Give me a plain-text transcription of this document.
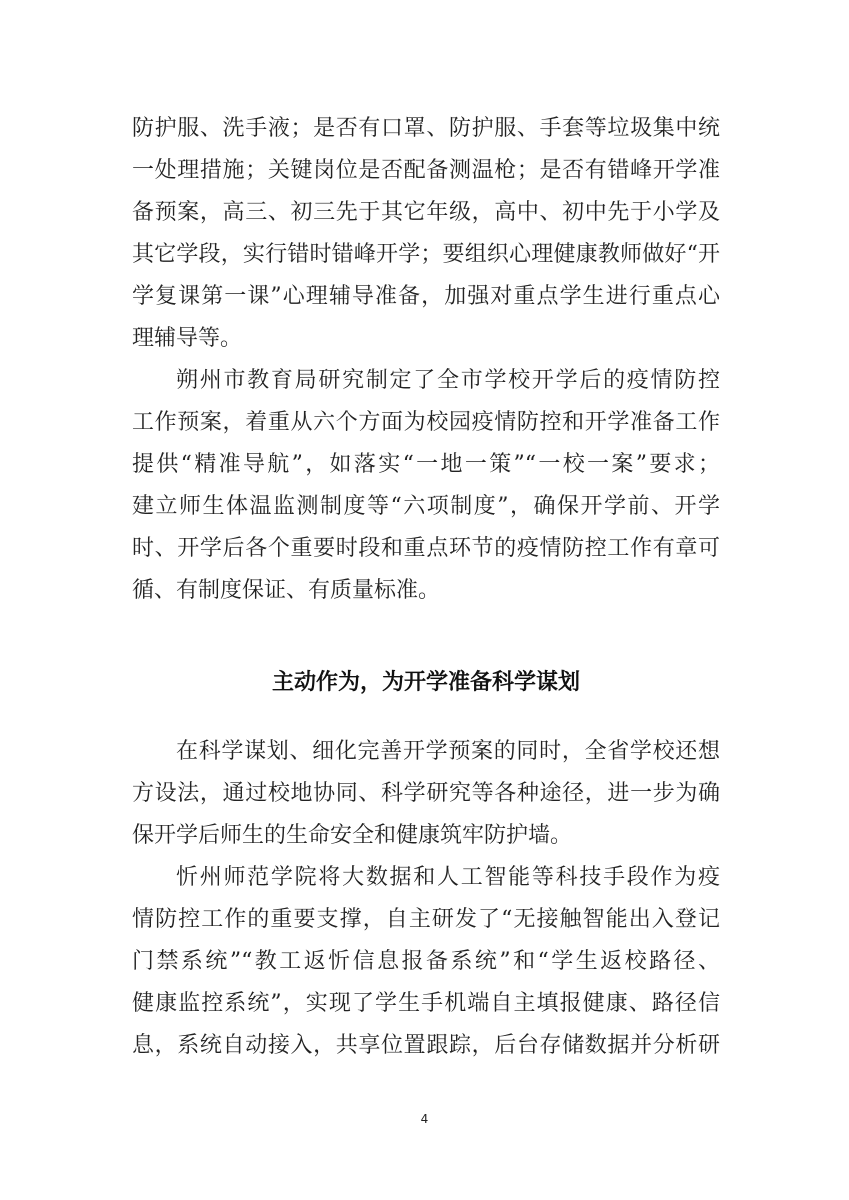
防护服、洗手液；是否有口罩、防护服、手套等垃圾集中统
一处理措施；关键岗位是否配备测温枪；是否有错峰开学准
备预案，高三、初三先于其它年级，高中、初中先于小学及
其它学段，实行错时错峰开学；要组织心理健康教师做好“开
学复课第一课”心理辅导准备，加强对重点学生进行重点心
理辅导等。
朔州市教育局研究制定了全市学校开学后的疫情防控
工作预案，着重从六个方面为校园疫情防控和开学准备工作
提供“精准导航”，如落实“一地一策”“一校一案”要求；
建立师生体温监测制度等“六项制度”，确保开学前、开学
时、开学后各个重要时段和重点环节的疫情防控工作有章可
循、有制度保证、有质量标准。
主动作为，为开学准备科学谋划
在科学谋划、细化完善开学预案的同时，全省学校还想
方设法，通过校地协同、科学研究等各种途径，进一步为确
保开学后师生的生命安全和健康筑牢防护墙。
忻州师范学院将大数据和人工智能等科技手段作为疫
情防控工作的重要支撑，自主研发了“无接触智能出入登记
门禁系统”“教工返忻信息报备系统”和“学生返校路径、
健康监控系统”，实现了学生手机端自主填报健康、路径信
息，系统自动接入，共享位置跟踪，后台存储数据并分析研
4
